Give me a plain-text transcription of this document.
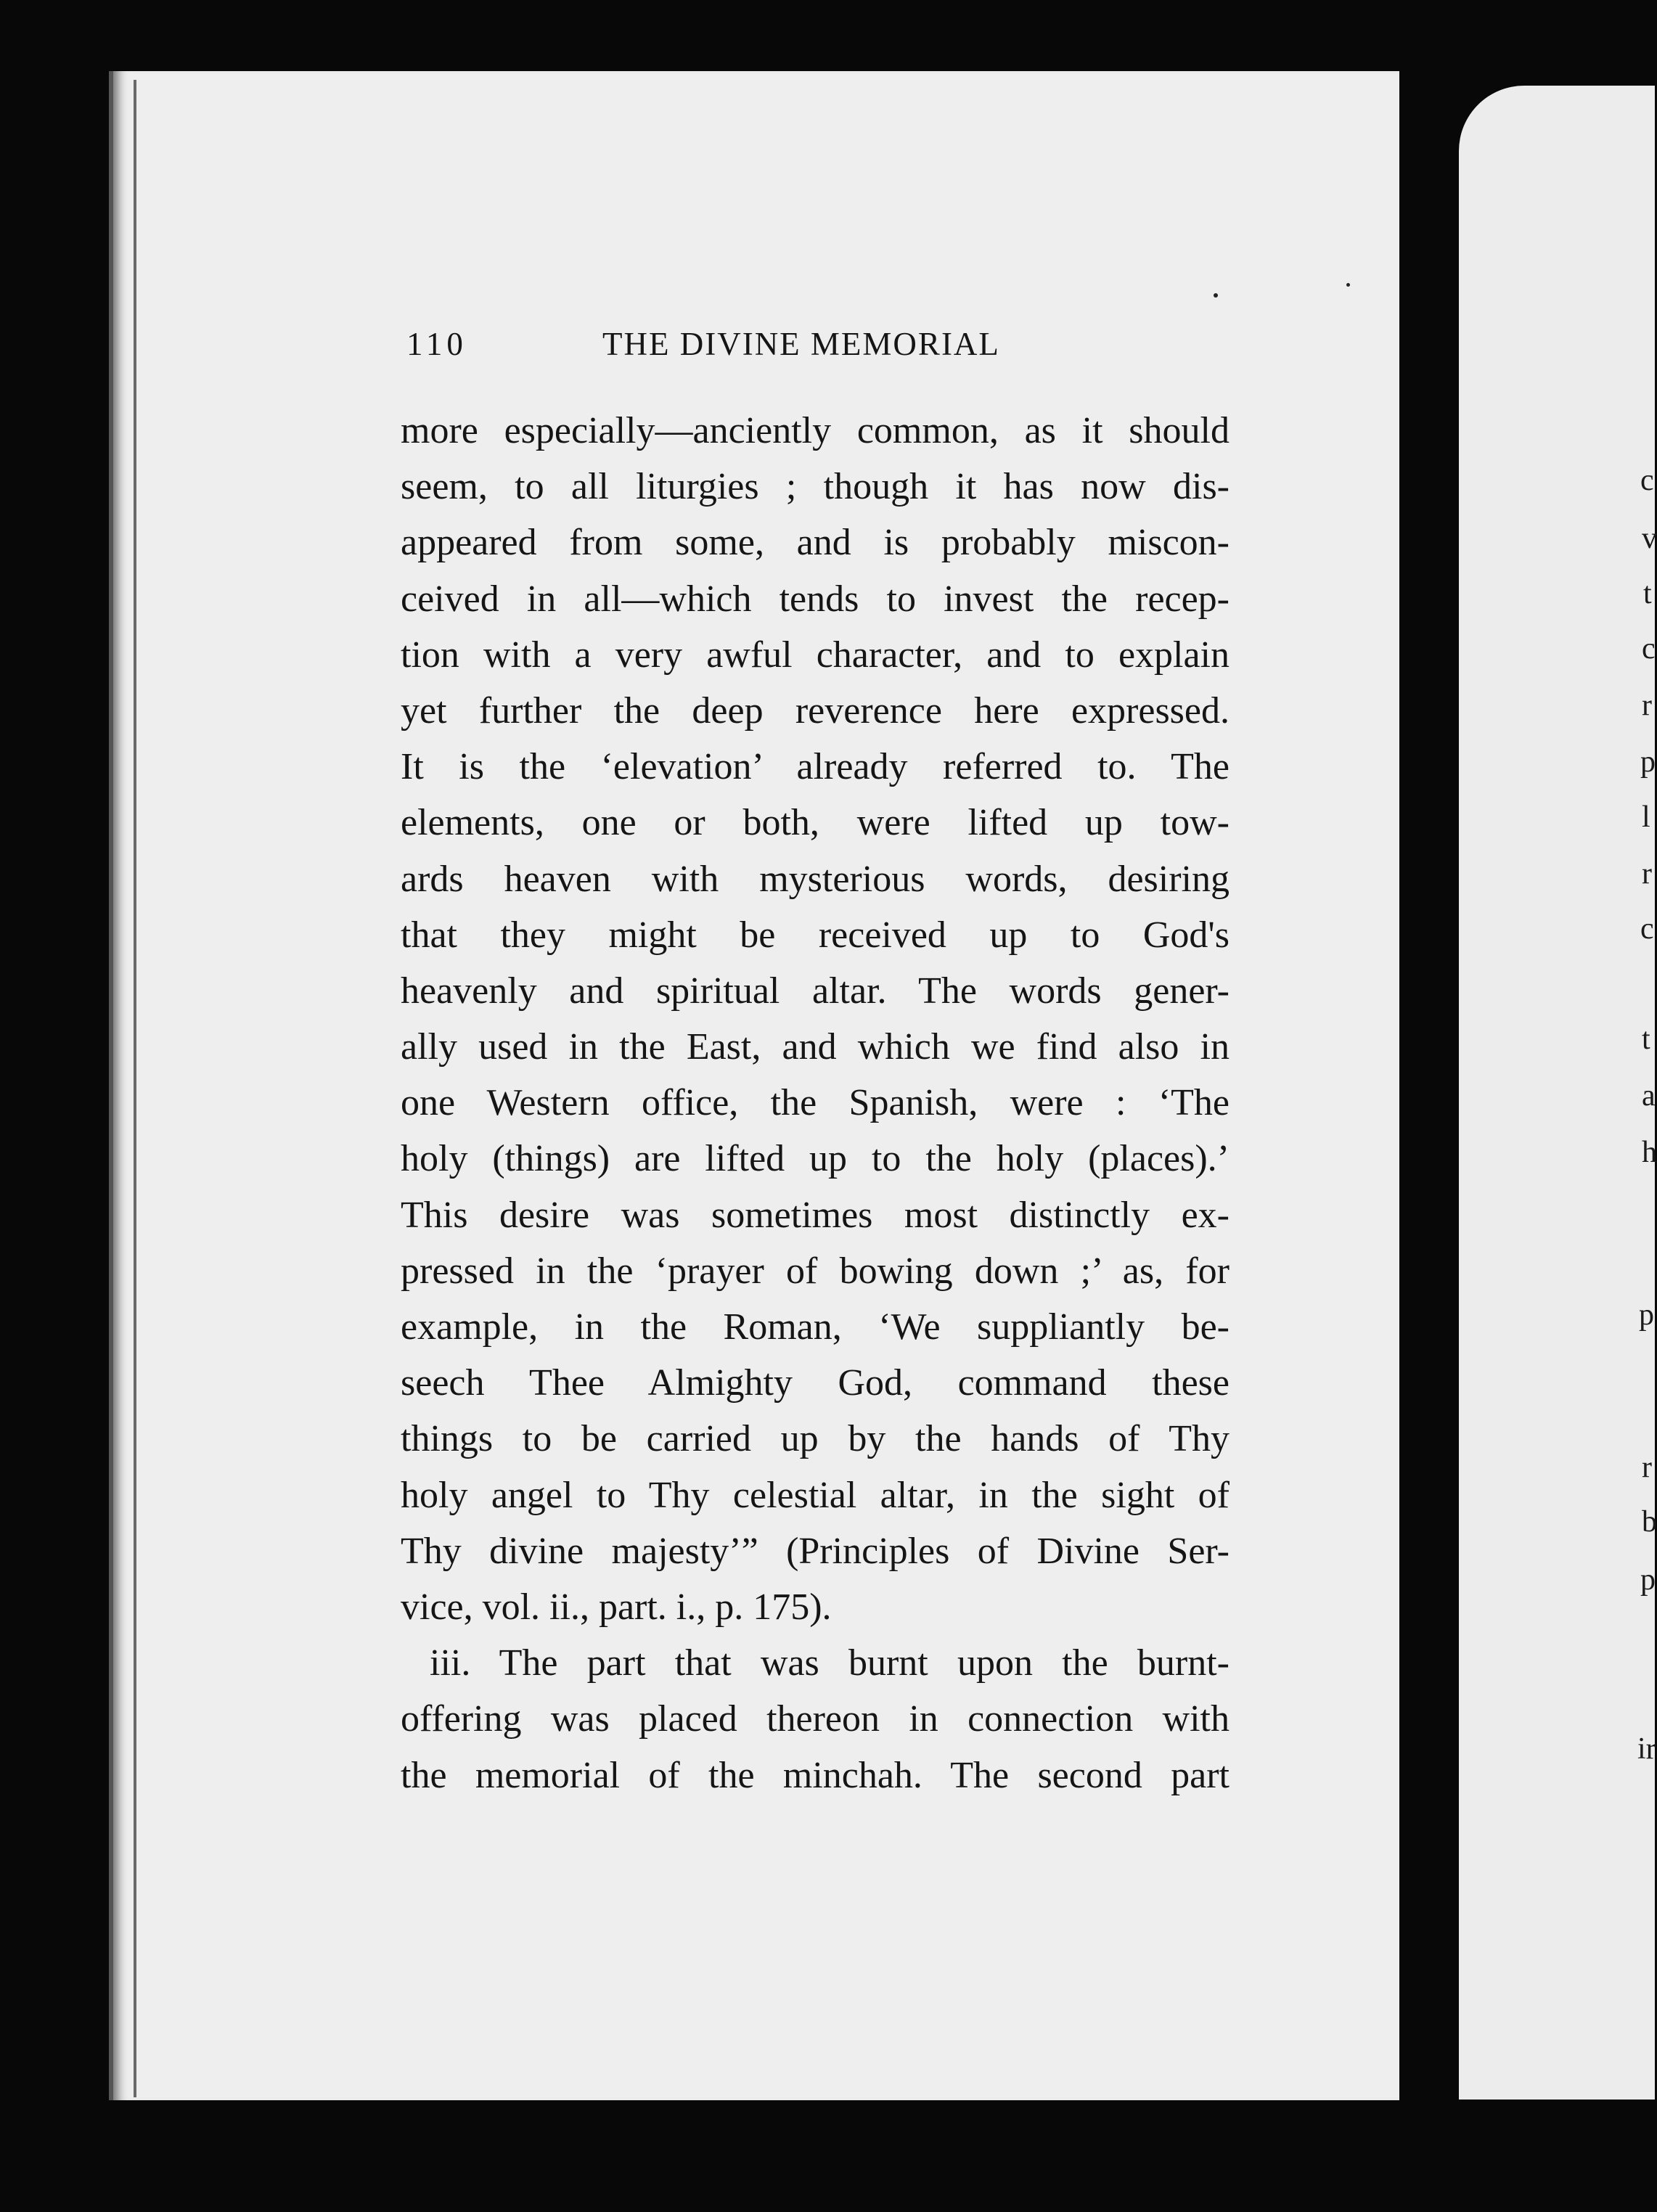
c
v
t
c
r
p
l
r
c
t
a
h
p
r
b
p
ir
110	THE DIVINE MEMORIAL
more especially—anciently common, as it should
seem, to all liturgies ; though it has now dis-
appeared from some, and is probably miscon-
ceived in all—which tends to invest the recep-
tion with a very awful character, and to explain
yet further the deep reverence here expressed.
It is the ‘elevation’ already referred to. The
elements, one or both, were lifted up tow-
ards heaven with mysterious words, desiring
that they might be received up to God's
heavenly and spiritual altar. The words gener-
ally used in the East, and which we find also in
one Western office, the Spanish, were : ‘The
holy (things) are lifted up to the holy (places).’
This desire was sometimes most distinctly ex-
pressed in the ‘prayer of bowing down ;’ as, for
example, in the Roman, ‘We suppliantly be-
seech Thee Almighty God, command these
things to be carried up by the hands of Thy
holy angel to Thy celestial altar, in the sight of
Thy divine majesty’” (Principles of Divine Ser-
vice, vol. ii., part. i., p. 175).
iii. The part that was burnt upon the burnt-
offering was placed thereon in connection with
the memorial of the minchah. The second part
